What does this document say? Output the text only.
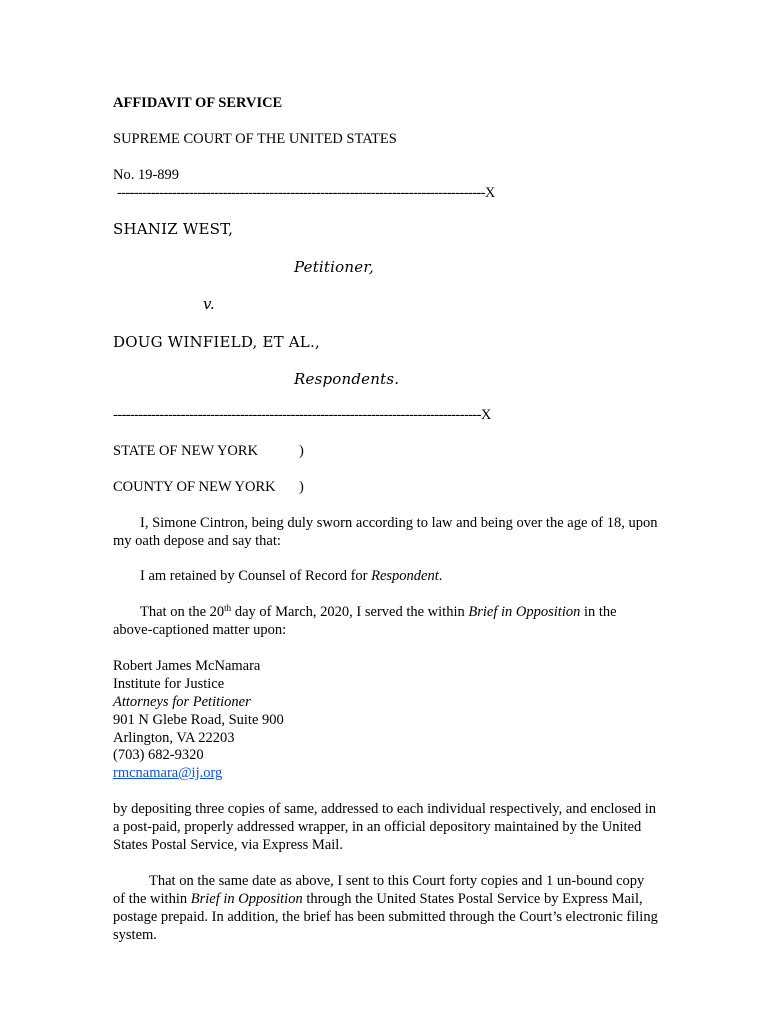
AFFIDAVIT OF SERVICE
SUPREME COURT OF THE UNITED STATES
No. 19-899
---------------------------------------------------------------------------------------X
SHANIZ WEST,
Petitioner,
v.
DOUG WINFIELD, ET AL.,
Respondents.
---------------------------------------------------------------------------------------X
STATE OF NEW YORK	)
COUNTY OF NEW YORK )
I, Simone Cintron, being duly sworn according to law and being over the age of 18, upon my oath depose and say that:
I am retained by Counsel of Record for Respondent.
That on the 20th day of March, 2020, I served the within Brief in Opposition in the above-captioned matter upon:
Robert James McNamara
Institute for Justice
Attorneys for Petitioner
901 N Glebe Road, Suite 900
Arlington, VA 22203
(703) 682-9320
rmcnamara@ij.org
by depositing three copies of same, addressed to each individual respectively, and enclosed in a post-paid, properly addressed wrapper, in an official depository maintained by the United States Postal Service, via Express Mail.
That on the same date as above, I sent to this Court forty copies and 1 un-bound copy of the within Brief in Opposition through the United States Postal Service by Express Mail, postage prepaid. In addition, the brief has been submitted through the Court’s electronic filing system.
